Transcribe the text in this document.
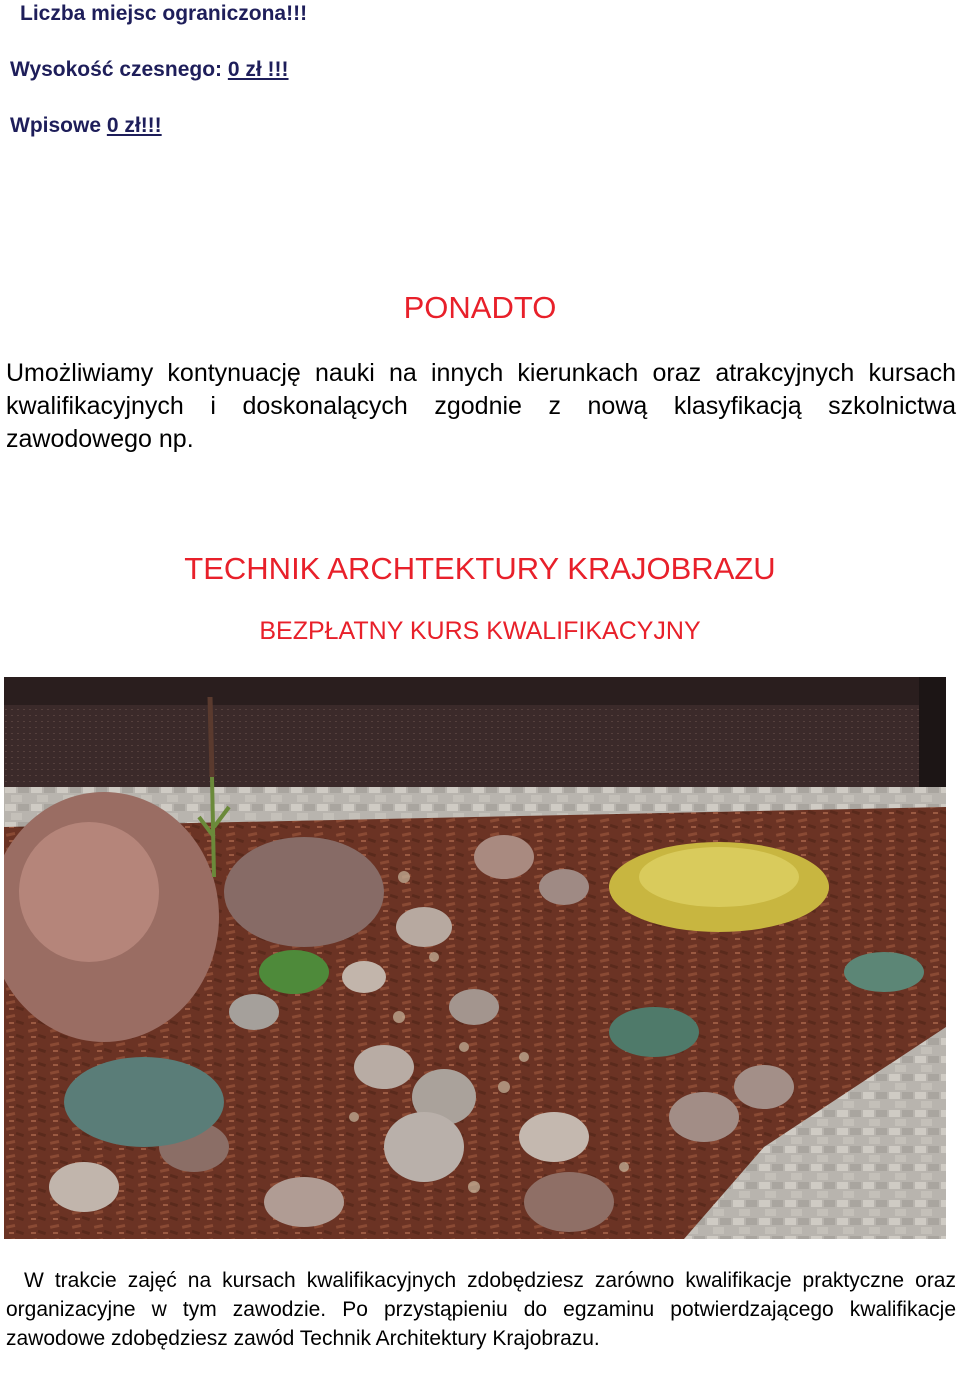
Liczba miejsc ograniczona!!!
Wysokość czesnego: 0 zł !!!
Wpisowe 0 zł!!!
PONADTO
Umożliwiamy kontynuację nauki na innych kierunkach oraz atrakcyjnych kursach kwalifikacyjnych i doskonalących zgodnie z nową klasyfikacją szkolnictwa zawodowego np.
TECHNIK ARCHTEKTURY KRAJOBRAZU
BEZPŁATNY KURS KWALIFIKACYJNY
W trakcie zajęć na kursach kwalifikacyjnych zdobędziesz zarówno kwalifikacje praktyczne oraz organizacyjne w tym zawodzie. Po przystąpieniu do egzaminu potwierdzającego kwalifikacje zawodowe zdobędziesz zawód Technik Architektury Krajobrazu.
